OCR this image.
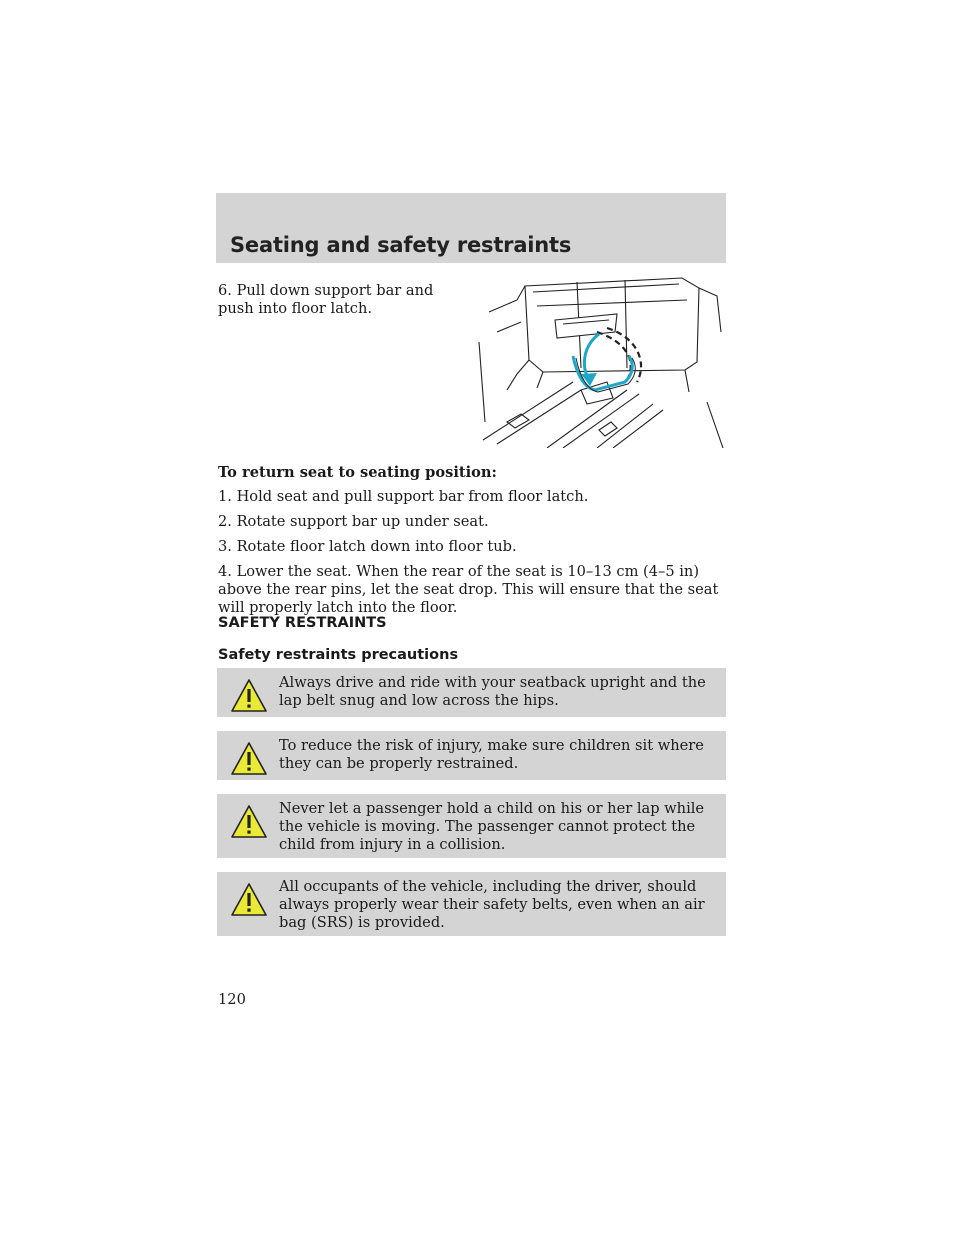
Seating and safety restraints

6. Pull down support bar and push into floor latch.

To return seat to seating position:

1. Hold seat and pull support bar from floor latch.
2. Rotate support bar up under seat.
3. Rotate floor latch down into floor tub.
4. Lower the seat. When the rear of the seat is 10–13 cm (4–5 in) above the rear pins, let the seat drop. This will ensure that the seat will properly latch into the floor.
SAFETY RESTRAINTS
Safety restraints precautions

Always drive and ride with your seatback upright and the lap belt snug and low across the hips.

To reduce the risk of injury, make sure children sit where they can be properly restrained.

Never let a passenger hold a child on his or her lap while the vehicle is moving. The passenger cannot protect the child from injury in a collision.

All occupants of the vehicle, including the driver, should always properly wear their safety belts, even when an air bag (SRS) is provided.

120
